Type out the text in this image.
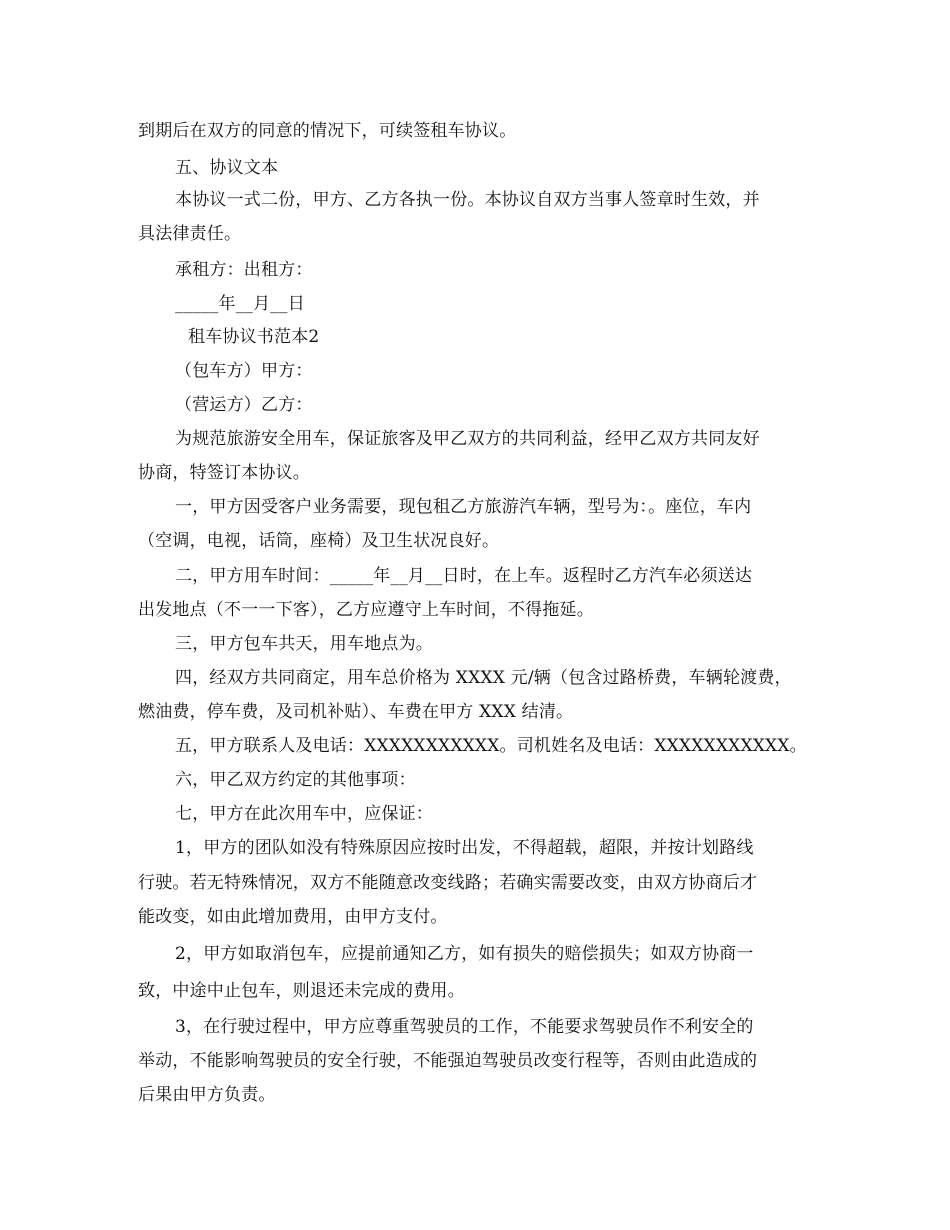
到期后在双方的同意的情况下，可续签租车协议。
五、协议文本
本协议一式二份，甲方、乙方各执一份。本协议自双方当事人签章时生效，并
具法律责任。
承租方：出租方：
_____年__月__日
租车协议书范本2
（包车方）甲方：
（营运方）乙方：
为规范旅游安全用车，保证旅客及甲乙双方的共同利益，经甲乙双方共同友好
协商，特签订本协议。
一，甲方因受客户业务需要，现包租乙方旅游汽车辆，型号为：。座位，车内
（空调，电视，话筒，座椅）及卫生状况良好。
二，甲方用车时间：_____年__月__日时，在上车。返程时乙方汽车必须送达
出发地点（不一一下客），乙方应遵守上车时间，不得拖延。
三，甲方包车共天，用车地点为。
四，经双方共同商定，用车总价格为 XXXX 元/辆（包含过路桥费，车辆轮渡费，
燃油费，停车费，及司机补贴）、车费在甲方 XXX 结清。
五，甲方联系人及电话：XXXXXXXXXXX。司机姓名及电话：XXXXXXXXXXX。
六，甲乙双方约定的其他事项：
七，甲方在此次用车中，应保证：
1，甲方的团队如没有特殊原因应按时出发，不得超载，超限，并按计划路线
行驶。若无特殊情况，双方不能随意改变线路；若确实需要改变，由双方协商后才
能改变，如由此增加费用，由甲方支付。
2，甲方如取消包车，应提前通知乙方，如有损失的赔偿损失；如双方协商一
致，中途中止包车，则退还未完成的费用。
3，在行驶过程中，甲方应尊重驾驶员的工作，不能要求驾驶员作不利安全的
举动，不能影响驾驶员的安全行驶，不能强迫驾驶员改变行程等，否则由此造成的
后果由甲方负责。
